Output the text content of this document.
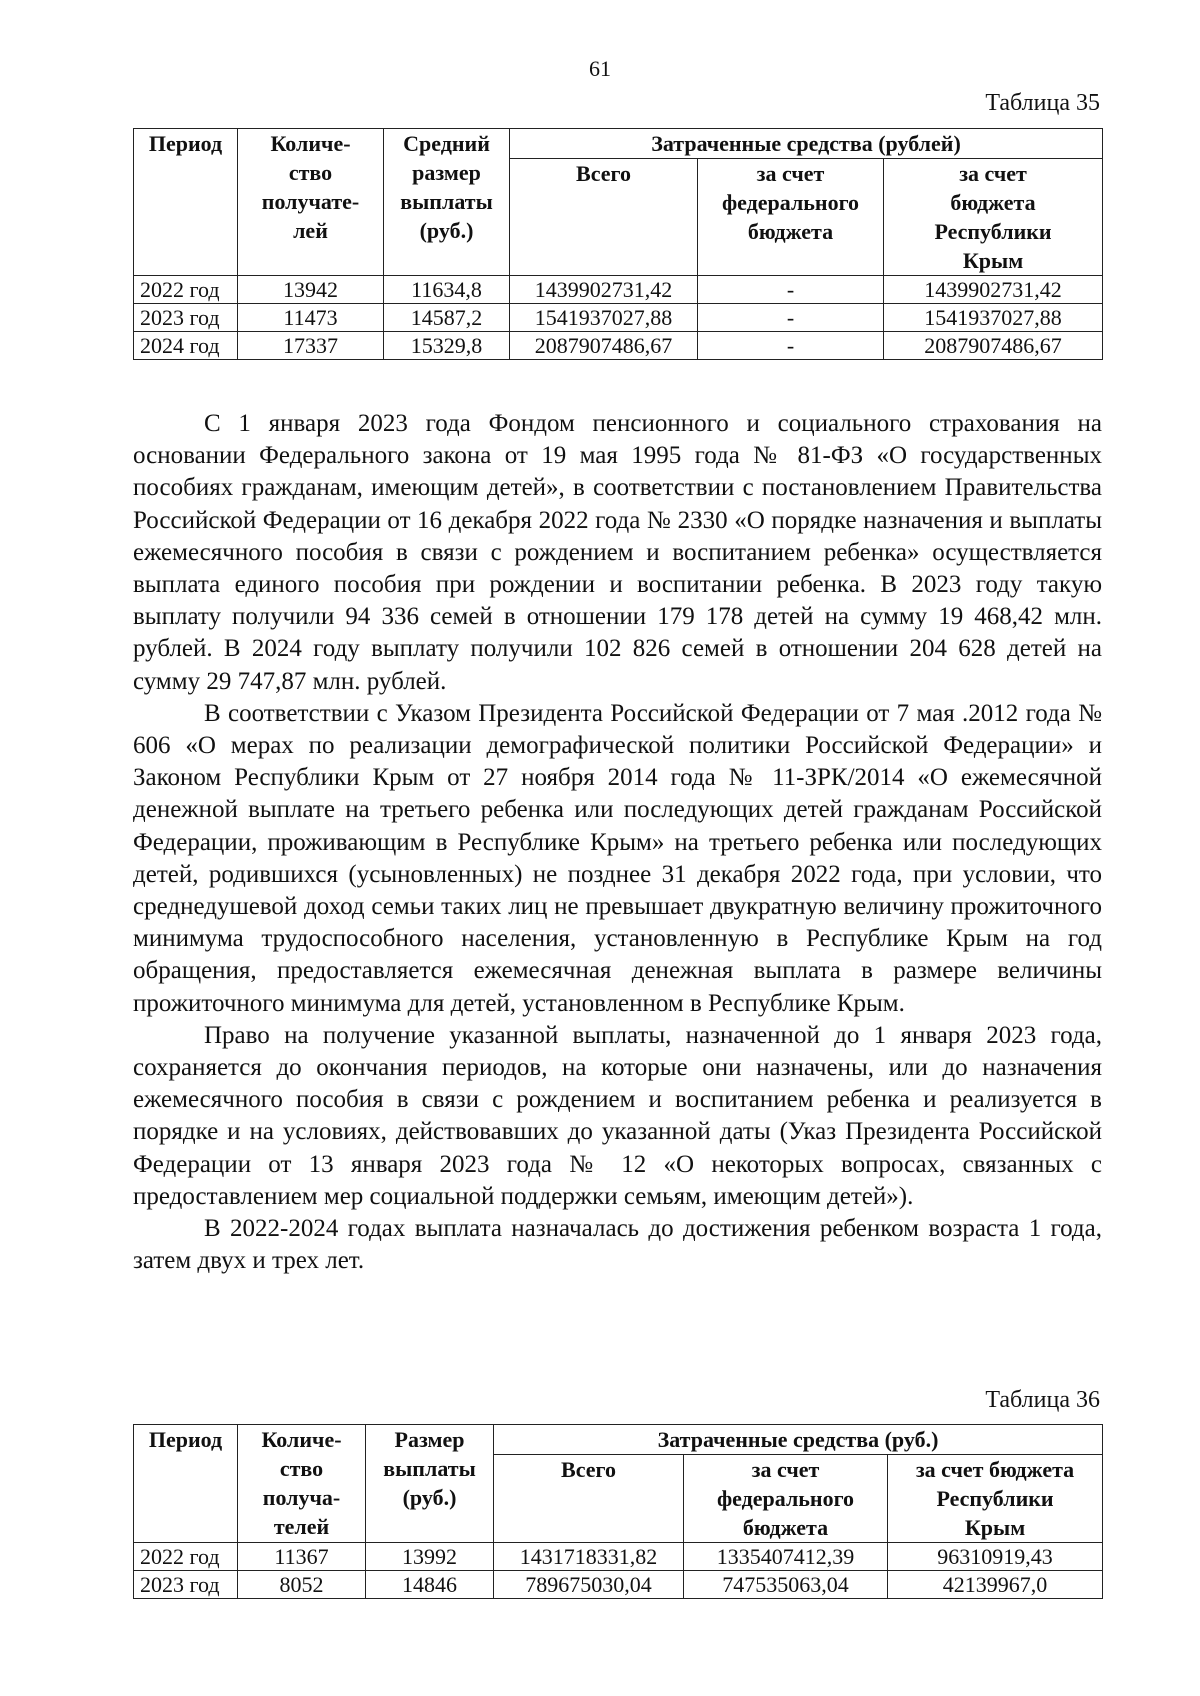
61
Таблица 35
Период	Количе-
ство
получате-
лей	Средний
размер
выплаты
(руб.)	Затраченные средства (рублей)		
			Всего	за счет
федерального
бюджета	за счет
бюджета
Республики
Крым
2022 год	13942	11634,8	1439902731,42	-	1439902731,42
2023 год	11473	14587,2	1541937027,88	-	1541937027,88
2024 год	17337	15329,8	2087907486,67	-	2087907486,67

С 1 января 2023 года Фондом пенсионного и социального страхования на основании Федерального закона от 19 мая 1995 года № 81-ФЗ «О государственных пособиях гражданам, имеющим детей», в соответствии с постановлением Правительства Российской Федерации от 16 декабря 2022 года № 2330 «О порядке назначения и выплаты ежемесячного пособия в связи с рождением и воспитанием ребенка» осуществляется выплата единого пособия при рождении и воспитании ребенка. В 2023 году такую выплату получили 94 336 семей в отношении 179 178 детей на сумму 19 468,42 млн. рублей. В 2024 году выплату получили 102 826 семей в отношении 204 628 детей на сумму 29 747,87 млн. рублей.

В соответствии с Указом Президента Российской Федерации от 7 мая .2012 года № 606 «О мерах по реализации демографической политики Российской Федерации» и Законом Республики Крым от 27 ноября 2014 года № 11-ЗРК/2014 «О ежемесячной денежной выплате на третьего ребенка или последующих детей гражданам Российской Федерации, проживающим в Республике Крым» на третьего ребенка или последующих детей, родившихся (усыновленных) не позднее 31 декабря 2022 года, при условии, что среднедушевой доход семьи таких лиц не превышает двукратную величину прожиточного минимума трудоспособного населения, установленную в Республике Крым на год обращения, предоставляется ежемесячная денежная выплата в размере величины прожиточного минимума для детей, установленном в Республике Крым.

Право на получение указанной выплаты, назначенной до 1 января 2023 года, сохраняется до окончания периодов, на которые они назначены, или до назначения ежемесячного пособия в связи с рождением и воспитанием ребенка и реализуется в порядке и на условиях, действовавших до указанной даты (Указ Президента Российской Федерации от 13 января 2023 года № 12 «О некоторых вопросах, связанных с предоставлением мер социальной поддержки семьям, имеющим детей»).

В 2022-2024 годах выплата назначалась до достижения ребенком возраста 1 года, затем двух и трех лет.

Таблица 36
Период	Количе-
ство
получа-
телей	Размер
выплаты
(руб.)	Затраченные средства (руб.)		
			Всего	за счет
федерального
бюджета	за счет бюджета
Республики
Крым
2022 год	11367	13992	1431718331,82	1335407412,39	96310919,43
2023 год	8052	14846	789675030,04	747535063,04	42139967,0
